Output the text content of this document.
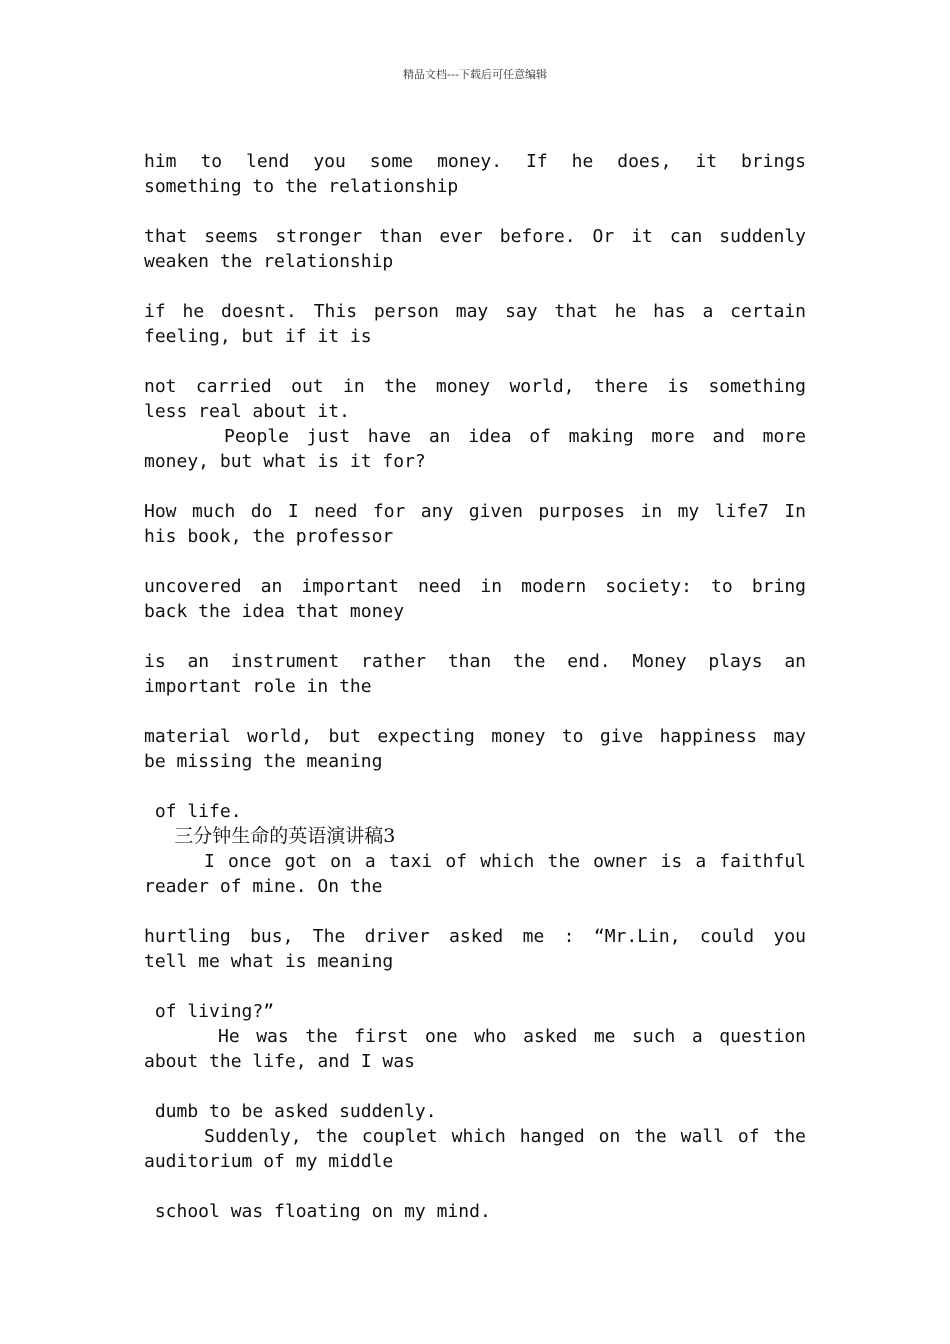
精品文档---下载后可任意编辑

him to lend you some money. If he does, it brings

something to the relationship

that seems stronger than ever before. Or it can suddenly

weaken the relationship

if he doesnt. This person may say that he has a certain

feeling, but if it is

not carried out in the money world, there is something

less real about it.

People just have an idea of making more and more

money, but what is it for?

How much do I need for any given purposes in my life7 In

his book, the professor

uncovered an important need in modern society: to bring

back the idea that money

is an instrument rather than the end. Money plays an

important role in the

material world, but expecting money to give happiness may

be missing the meaning

of life.

三分钟生命的英语演讲稿3

I once got on a taxi of which the owner is a faithful

reader of mine. On the

hurtling bus, The driver asked me : “Mr.Lin, could you

tell me what is meaning

of living?”

He was the first one who asked me such a question

about the life, and I was

dumb to be asked suddenly.

Suddenly, the couplet which hanged on the wall of the

auditorium of my middle

school was floating on my mind.
